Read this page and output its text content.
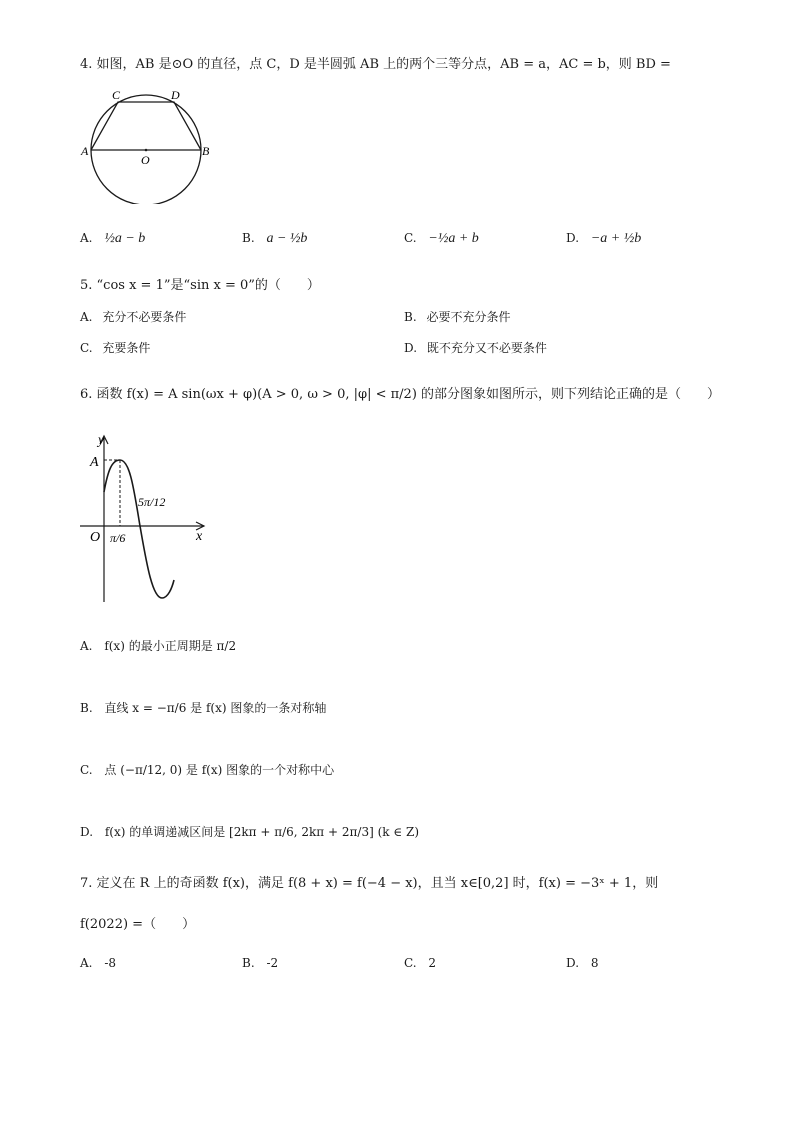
4. 如图，AB 是⊙O 的直径，点 C，D 是半圆弧 AB 上的两个三等分点，AB = a，AC = b，则 BD =
A	B
C	D
O
A. ½a − b	B. a − ½b	C. −½a + b	D. −a + ½b
5. “cos x = 1”是“sin x = 0”的（　　）
A. 充分不必要条件	B. 必要不充分条件
C. 充要条件	D. 既不充分又不必要条件
6. 函数 f(x) = A sin(ωx + φ)(A > 0, ω > 0, |φ| < π/2) 的部分图象如图所示，则下列结论正确的是（　　）
y
x
A
O π/6
5π/12
A. f(x) 的最小正周期是 π/2
B. 直线 x = −π/6 是 f(x) 图象的一条对称轴
C. 点 (−π/12, 0) 是 f(x) 图象的一个对称中心
D. f(x) 的单调递减区间是 [2kπ + π/6, 2kπ + 2π/3] (k ∈ Z)
7. 定义在 R 上的奇函数 f(x)，满足 f(8 + x) = f(−4 − x)，且当 x∈[0,2] 时，f(x) = −3ˣ + 1，则
f(2022) =（　　）
A. -8	B. -2	C. 2	D. 8
